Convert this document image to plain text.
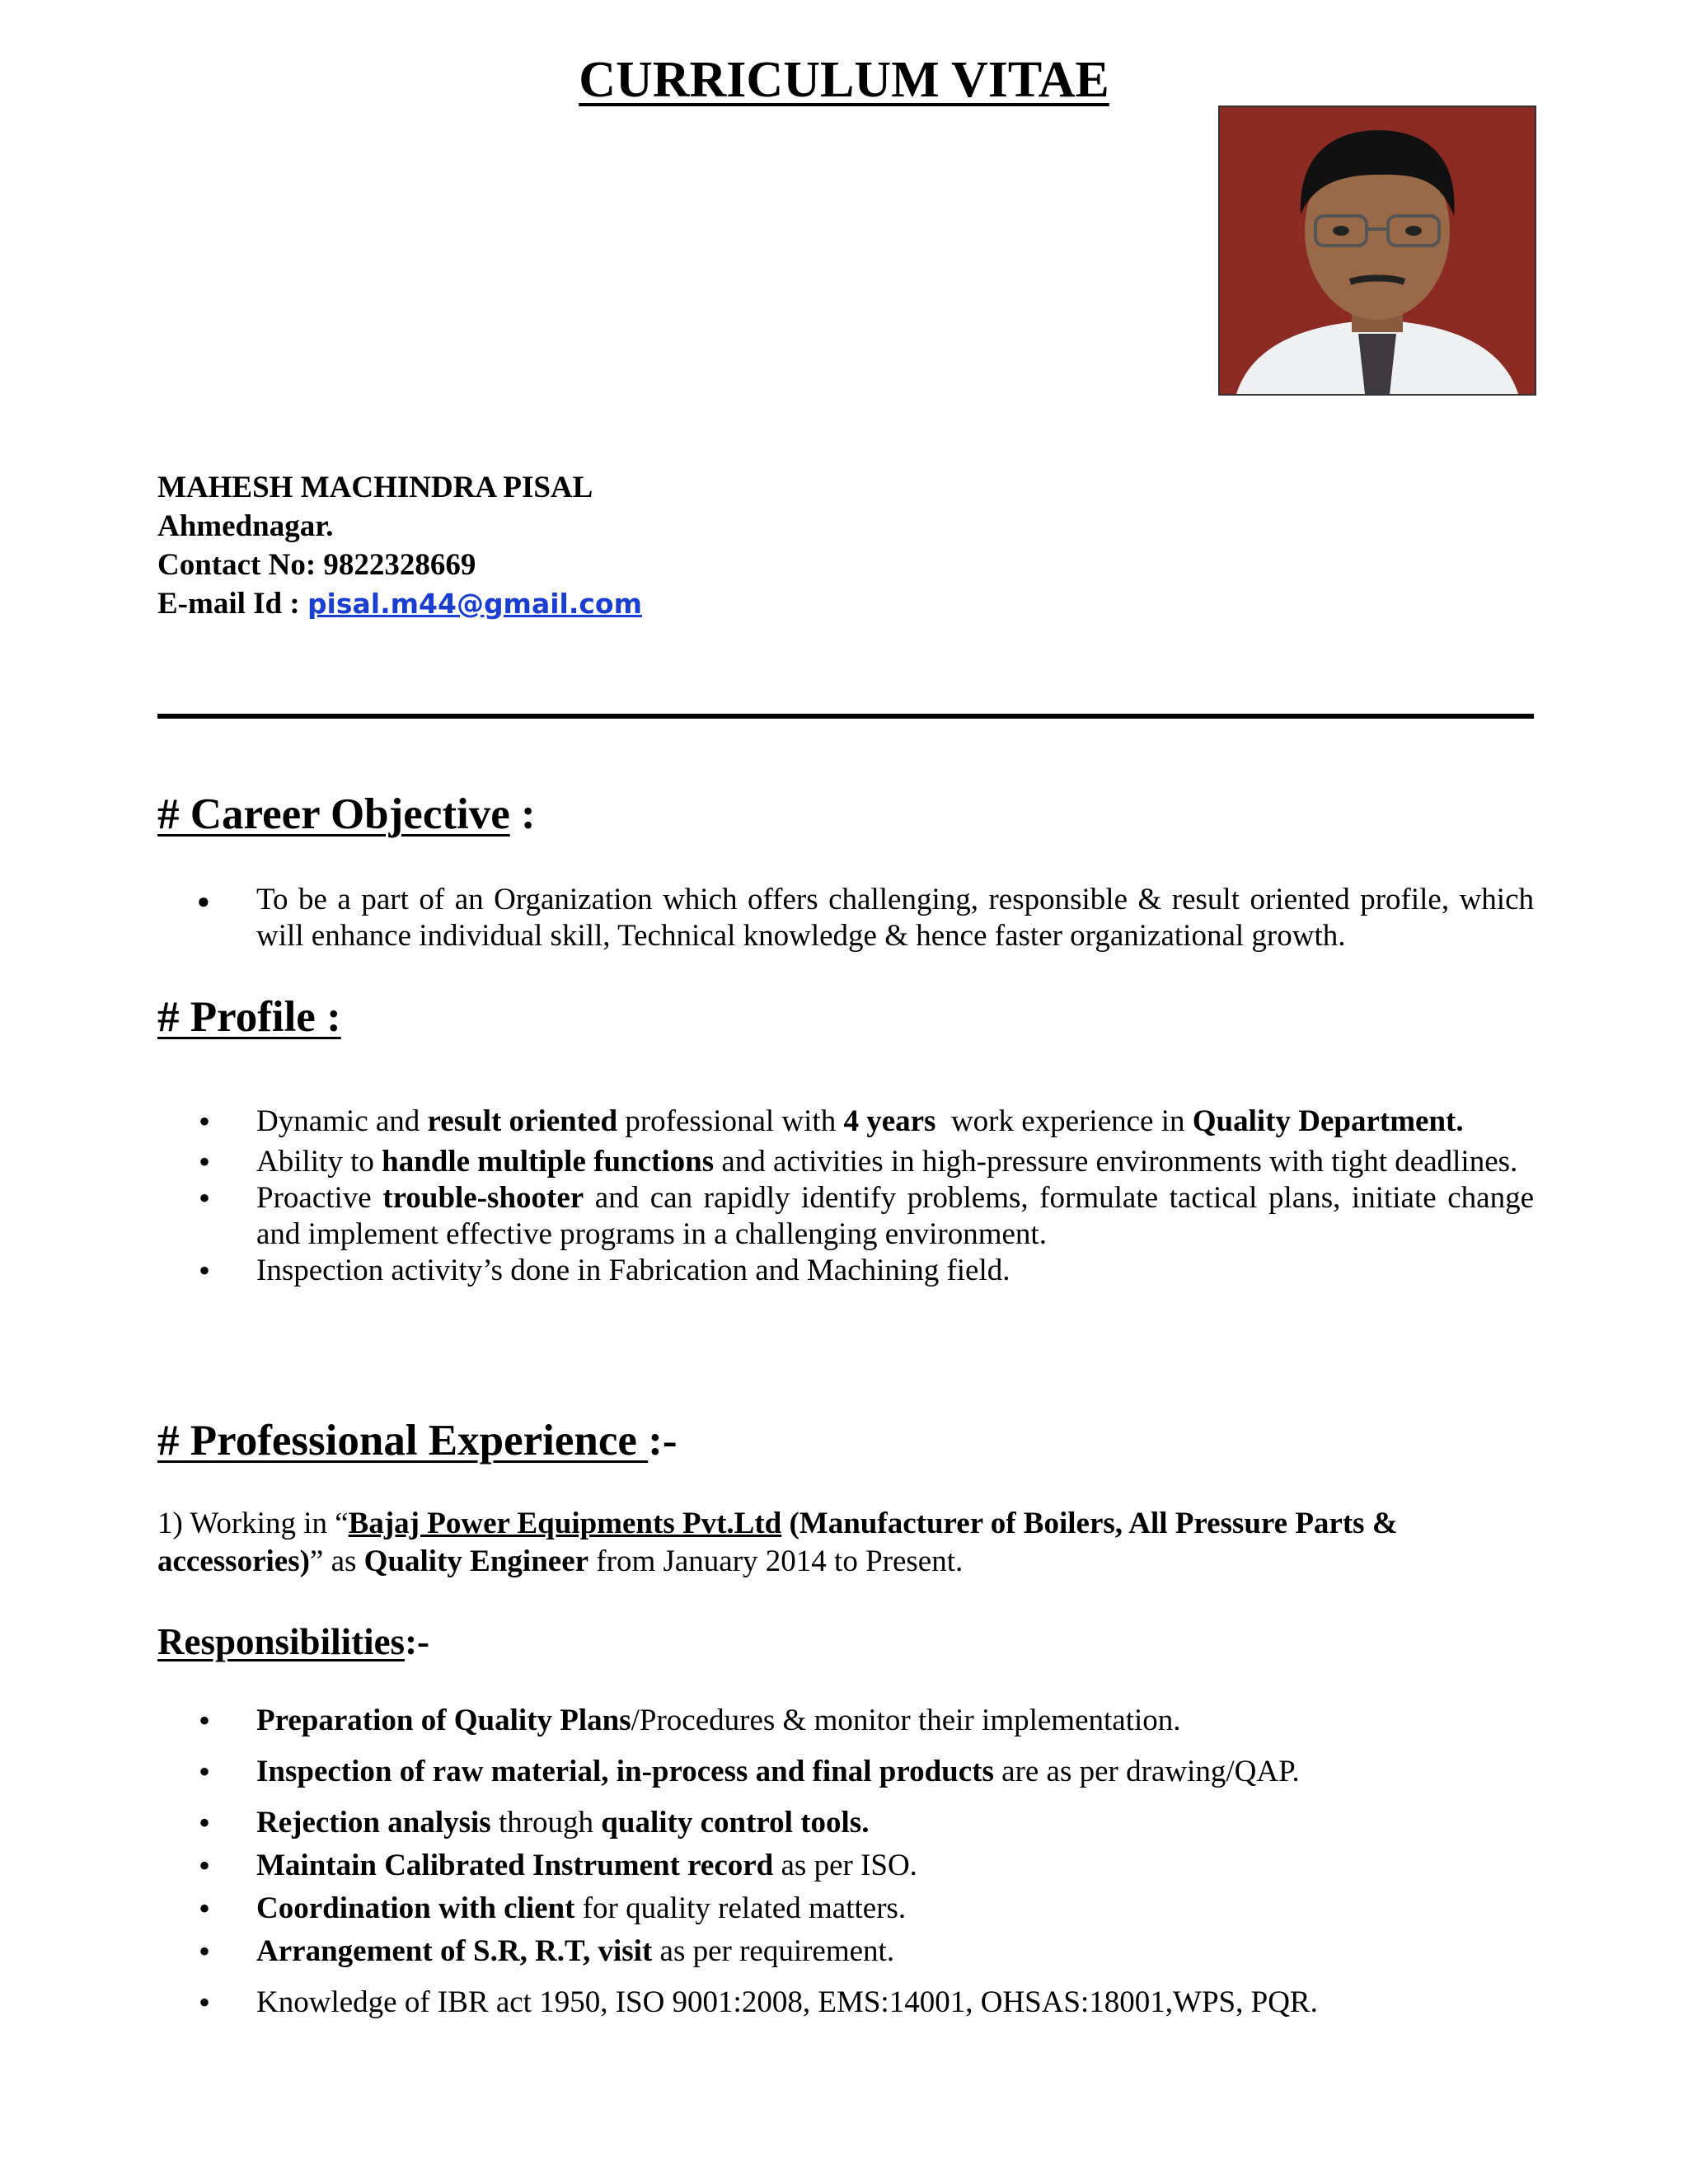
CURRICULUM VITAE
MAHESH MACHINDRA PISAL
Ahmednagar.
Contact No: 9822328669
E-mail Id : pisal.m44@gmail.com
# Career Objective :
● To be a part of an Organization which offers challenging, responsible & result oriented profile, which will enhance individual skill, Technical knowledge & hence faster organizational growth.
# Profile :
• Dynamic and result oriented professional with 4 years  work experience in Quality Department.
• Ability to handle multiple functions and activities in high-pressure environments with tight deadlines.
• Proactive trouble-shooter and can rapidly identify problems, formulate tactical plans, initiate change and implement effective programs in a challenging environment.
• Inspection activity’s done in Fabrication and Machining field.
# Professional Experience :-
1) Working in “Bajaj Power Equipments Pvt.Ltd (Manufacturer of Boilers, All Pressure Parts & accessories)” as Quality Engineer from January 2014 to Present.
Responsibilities:-
• Preparation of Quality Plans/Procedures & monitor their implementation.
• Inspection of raw material, in-process and final products are as per drawing/QAP.
• Rejection analysis through quality control tools.
• Maintain Calibrated Instrument record as per ISO.
• Coordination with client for quality related matters.
• Arrangement of S.R, R.T, visit as per requirement.
• Knowledge of IBR act 1950, ISO 9001:2008, EMS:14001, OHSAS:18001,WPS, PQR.
